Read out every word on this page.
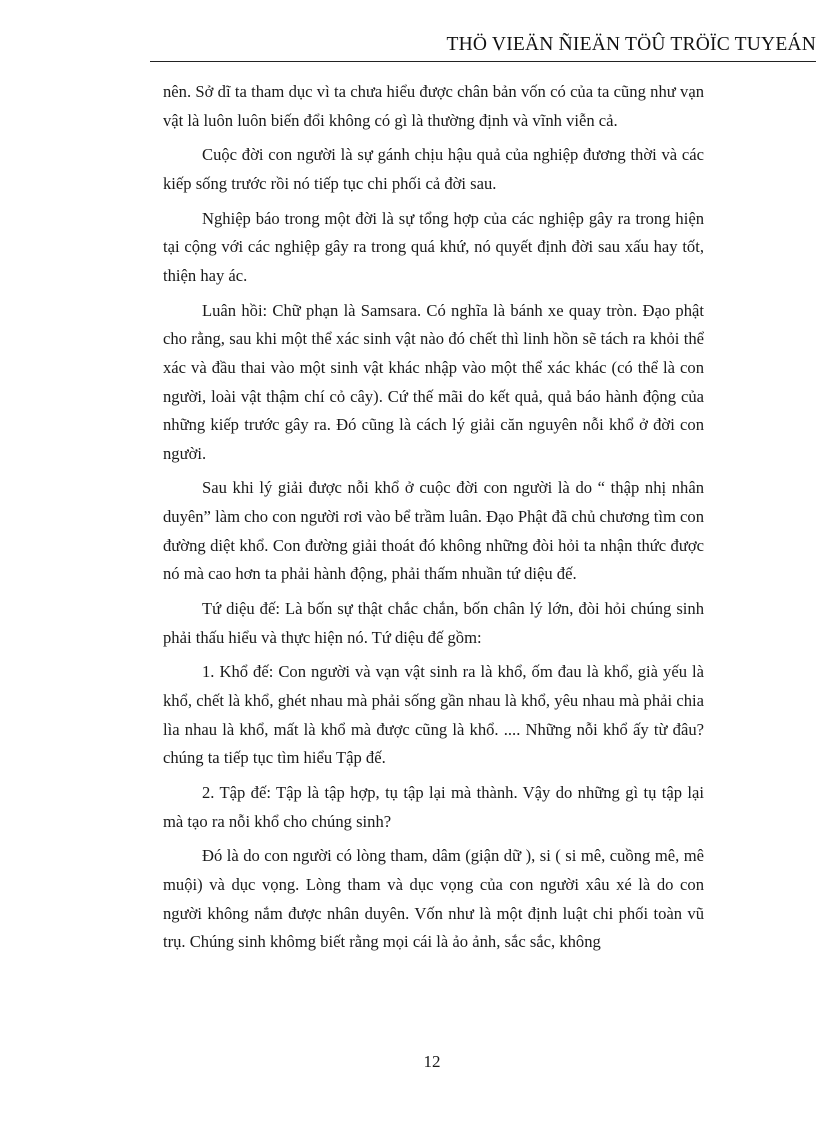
THÖ VIEÄN ÑIEÄN TÖÛ TRÖÏC TUYEÁN

nên. Sở dĩ ta tham dục vì ta chưa hiểu được chân bản vốn có của ta cũng như vạn vật là luôn luôn biến đổi không có gì là thường định và vĩnh viễn cả.

Cuộc đời con người là sự gánh chịu hậu quả của nghiệp đương thời và các kiếp sống trước rồi nó tiếp tục chi phối cả đời sau.

Nghiệp báo trong một đời là sự tổng hợp của các nghiệp gây ra trong hiện tại cộng với các nghiệp gây ra trong quá khứ, nó quyết định đời sau xấu hay tốt, thiện hay ác.

Luân hồi: Chữ phạn là Samsara. Có nghĩa là bánh xe quay tròn. Đạo phật cho rằng, sau khi một thể xác sinh vật nào đó chết thì linh hồn sẽ tách ra khỏi thể xác và đầu thai vào một sinh vật khác nhập vào một thể xác khác (có thể là con người, loài vật thậm chí cỏ cây). Cứ thế mãi do kết quả, quả báo hành động của những kiếp trước gây ra. Đó cũng là cách lý giải căn nguyên nỗi khổ ở đời con người.

Sau khi lý giải được nỗi khổ ở cuộc đời con người là do “ thập nhị nhân duyên” làm cho con người rơi vào bể trầm luân. Đạo Phật đã chủ chương tìm con đường diệt khổ. Con đường giải thoát đó không những đòi hỏi ta nhận thức được nó mà cao hơn ta phải hành động, phải thấm nhuần tứ diệu đế.

Tứ diệu đế: Là bốn sự thật chắc chắn, bốn chân lý lớn, đòi hỏi chúng sinh phải thấu hiểu và thực hiện nó. Tứ diệu đế gồm:

1. Khổ đế: Con người và vạn vật sinh ra là khổ, ốm đau là khổ, già yếu là khổ, chết là khổ, ghét nhau mà phải sống gần nhau là khổ, yêu nhau mà phải chia lìa nhau là khổ, mất là khổ mà được cũng là khổ. .... Những nỗi khổ ấy từ đâu? chúng ta tiếp tục tìm hiểu Tập đế.

2. Tập đế: Tập là tập hợp, tụ tập lại mà thành. Vậy do những gì tụ tập lại mà tạo ra nỗi khổ cho chúng sinh?

Đó là do con người có lòng tham, dâm (giận dữ ), si ( si mê, cuồng mê, mê muội) và dục vọng. Lòng tham và dục vọng của con người xâu xé là do con người không nắm được nhân duyên. Vốn như là một định luật chi phối toàn vũ trụ. Chúng sinh khômg biết rằng mọi cái là ảo ảnh, sắc sắc, không

12
